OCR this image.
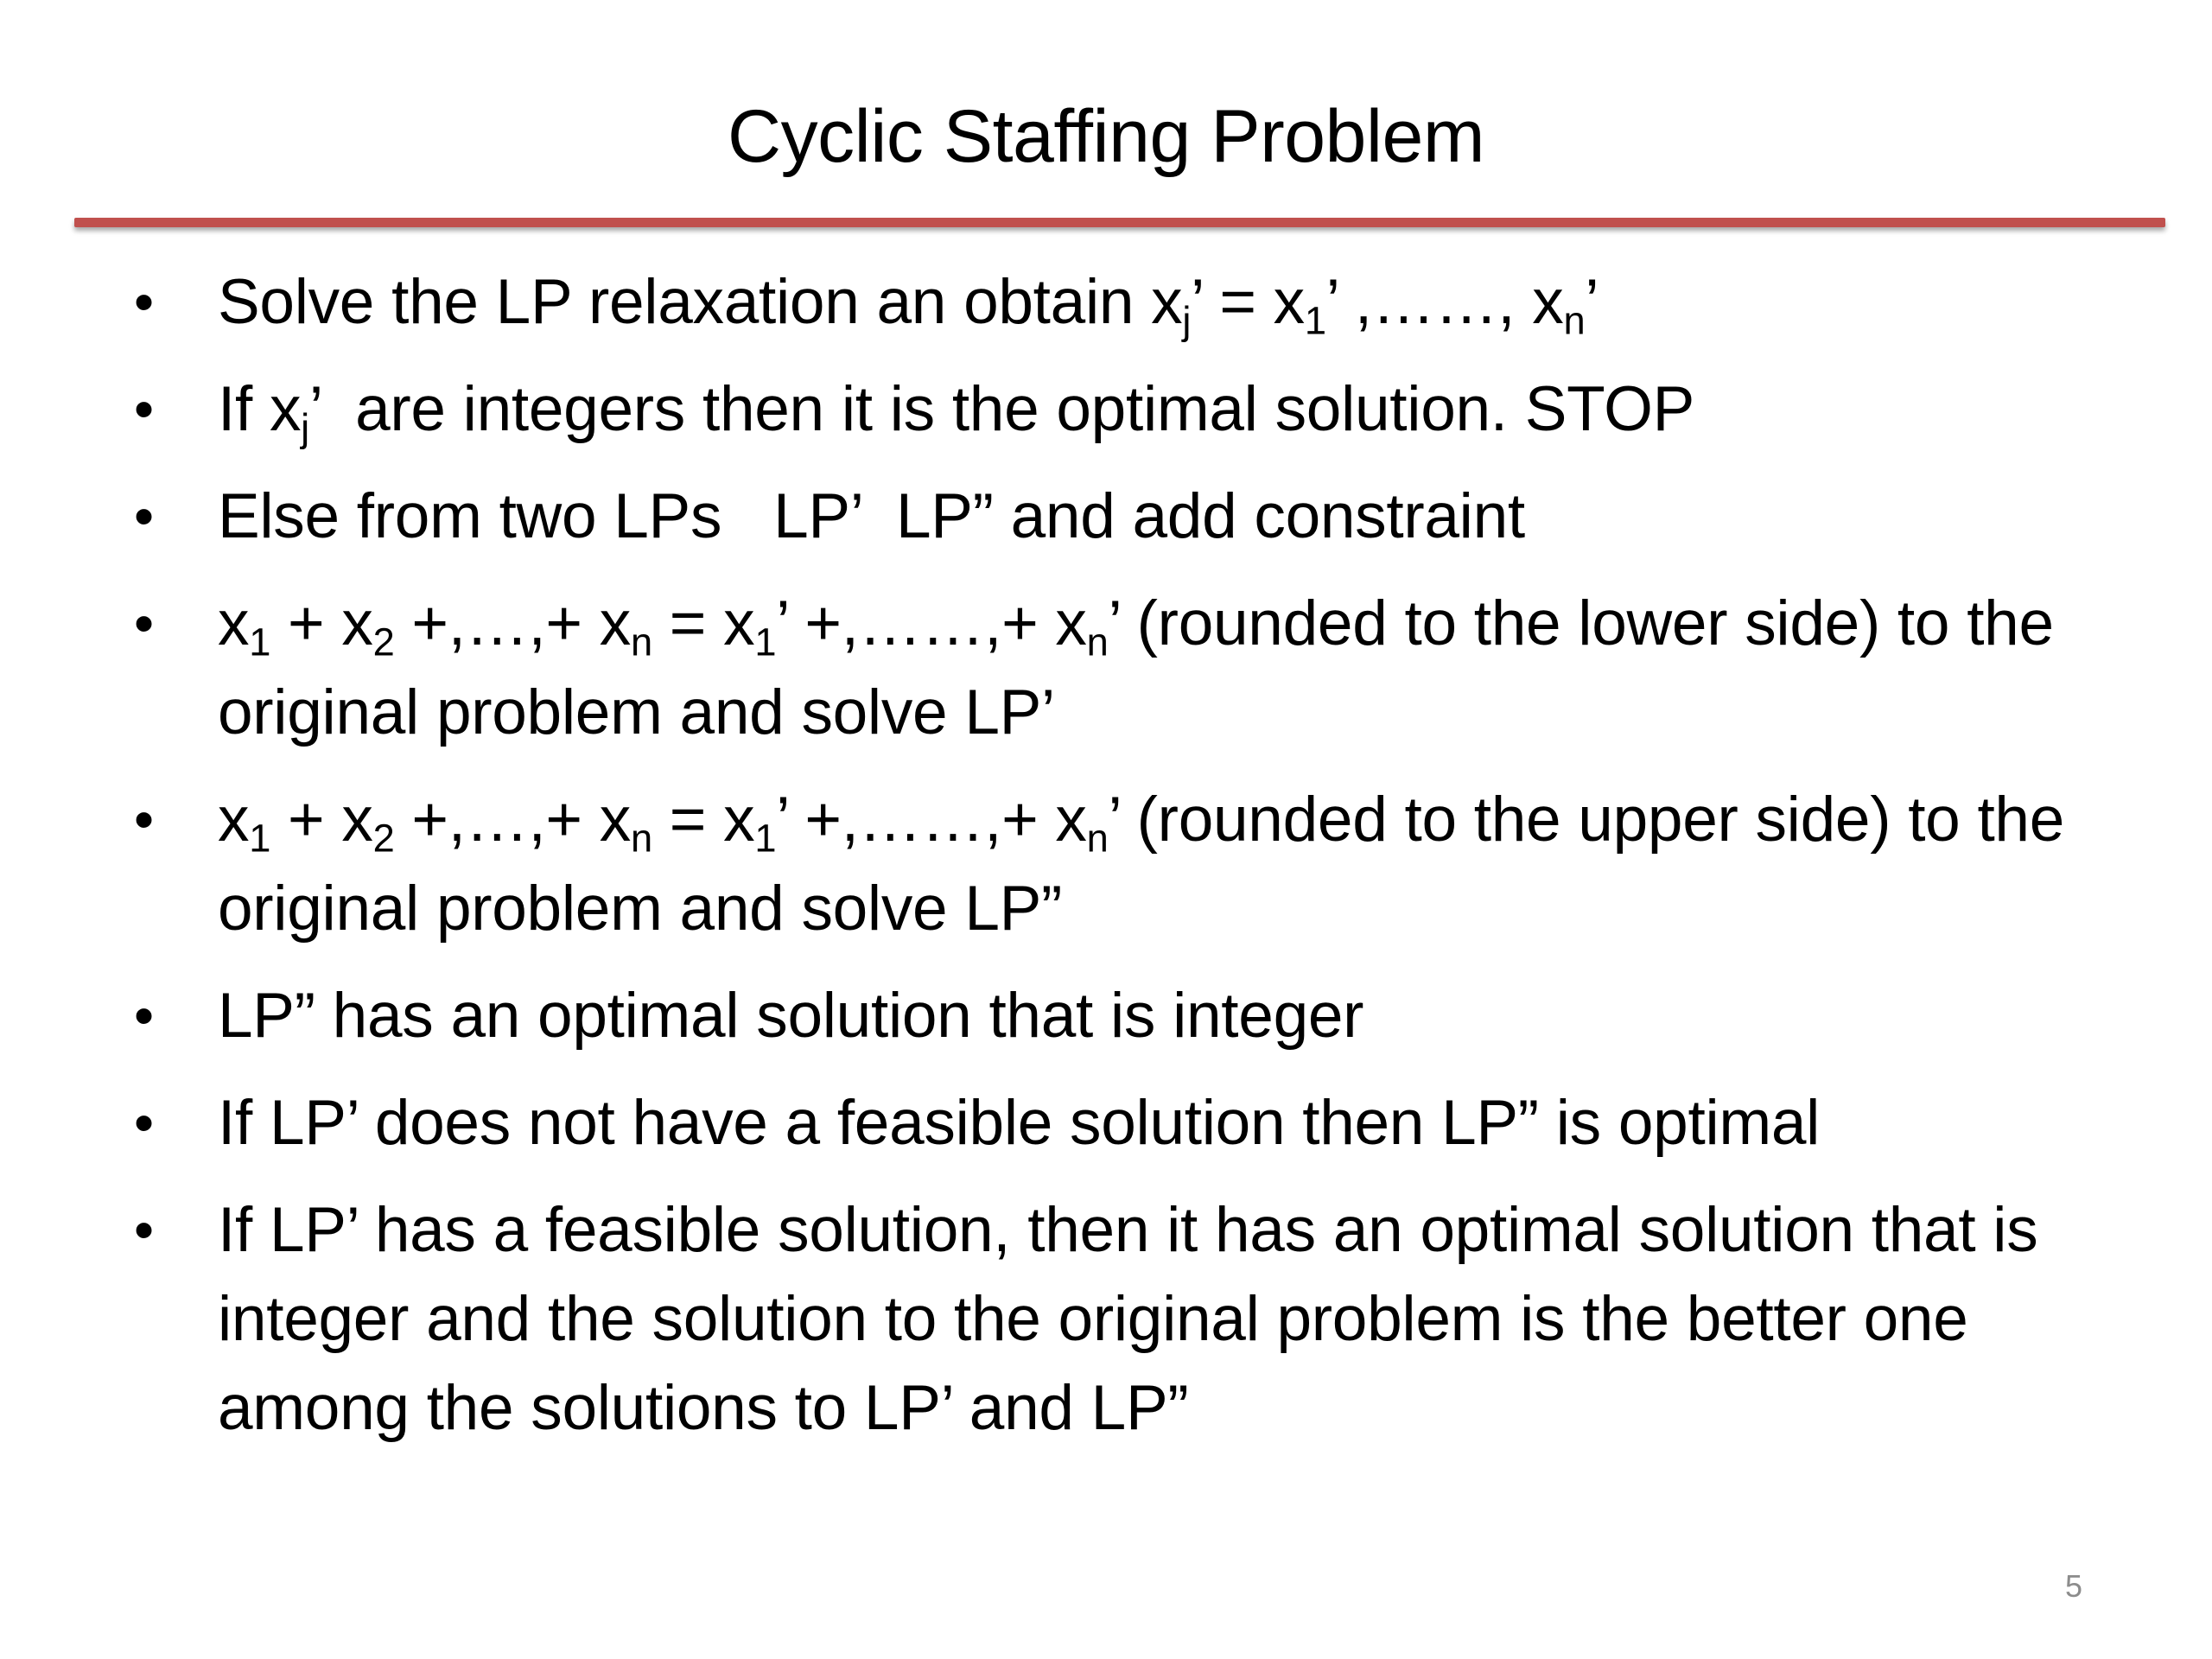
Cyclic Staffing Problem
• Solve the LP relaxation an obtain $x_j$’ = $x_1$’ ,……, $x_n$’
• If $x_j$’  are integers then it is the optimal solution. STOP
• Else from two LPs   LP’  LP” and add constraint
• $x_1 + x_2$ +,…,+ $x_n = x_1$’ +,……,+ $x_n$’ (rounded to the lower side) to the original problem and solve LP’
• $x_1 + x_2$ +,…,+ $x_n = x_1$’ +,……,+ $x_n$’ (rounded to the upper side) to the original problem and solve LP”
• LP” has an optimal solution that is integer
• If LP’ does not have a feasible solution then LP” is optimal
• If LP’ has a feasible solution, then it has an optimal solution that is integer and the solution to the original problem is the better one among the solutions to LP’ and LP”
5
